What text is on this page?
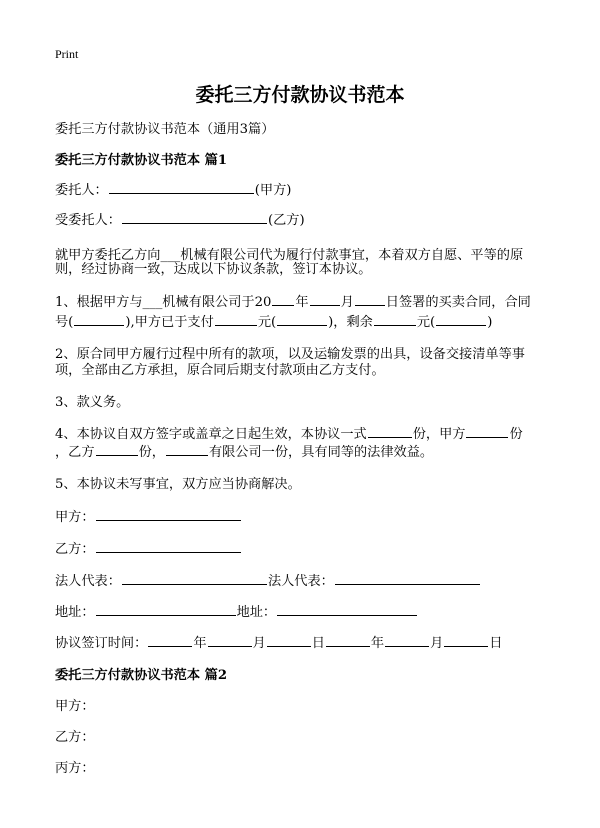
Print
委托三方付款协议书范本

委托三方付款协议书范本（通用3篇）

委托三方付款协议书范本 篇1

委托人：	(甲方)

受委托人：	(乙方)

就甲方委托乙方向___机械有限公司代为履行付款事宜，本着双方自愿、平等的原

则，经过协商一致，达成以下协议条款，签订本协议。

1、根据甲方与___机械有限公司于20 年 月 日签署的买卖合同，合同

号(	),甲方已于支付	元(	)，剩余	元(	)

2、原合同甲方履行过程中所有的款项，以及运输发票的出具，设备交接清单等事

项，全部由乙方承担，原合同后期支付款项由乙方支付。

3、款义务。

4、本协议自双方签字或盖章之日起生效，本协议一式	份，甲方	份

，乙方	份，	有限公司一份，具有同等的法律效益。

5、本协议未写事宜，双方应当协商解决。

甲方：

乙方：

法人代表：	法人代表：

地址：	地址：

协议签订时间：	年	月	日	年	月	日

委托三方付款协议书范本 篇2

甲方：

乙方：

丙方：
